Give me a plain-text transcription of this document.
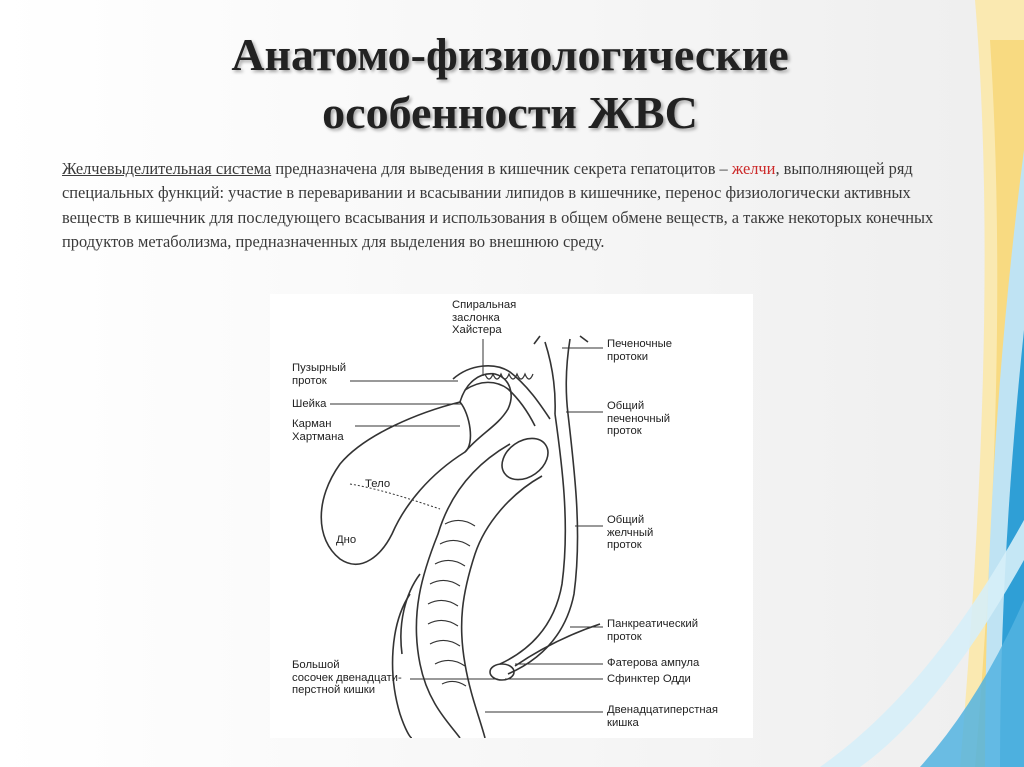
Анатомо-физиологические
особенности ЖВС
Желчевыделительная система предназначена для выведения в кишечник секрета гепатоцитов – желчи, выполняющей ряд специальных функций: участие в переваривании и всасывании липидов в кишечнике, перенос физиологически активных веществ в кишечник для последующего всасывания и использования в общем обмене веществ, а также некоторых конечных продуктов метаболизма, предназначенных для выделения во внешнюю среду.
Спиральная
заслонка
Хайстера
Пузырный
проток
Шейка
Карман
Хартмана
Тело
Дно
Печеночные
протоки
Общий
печеночный
проток
Общий
желчный
проток
Панкреатический
проток
Фатерова ампула
Сфинктер Одди
Большой
сосочек двенадцати-
перстной кишки
Двенадцатиперстная
кишка
